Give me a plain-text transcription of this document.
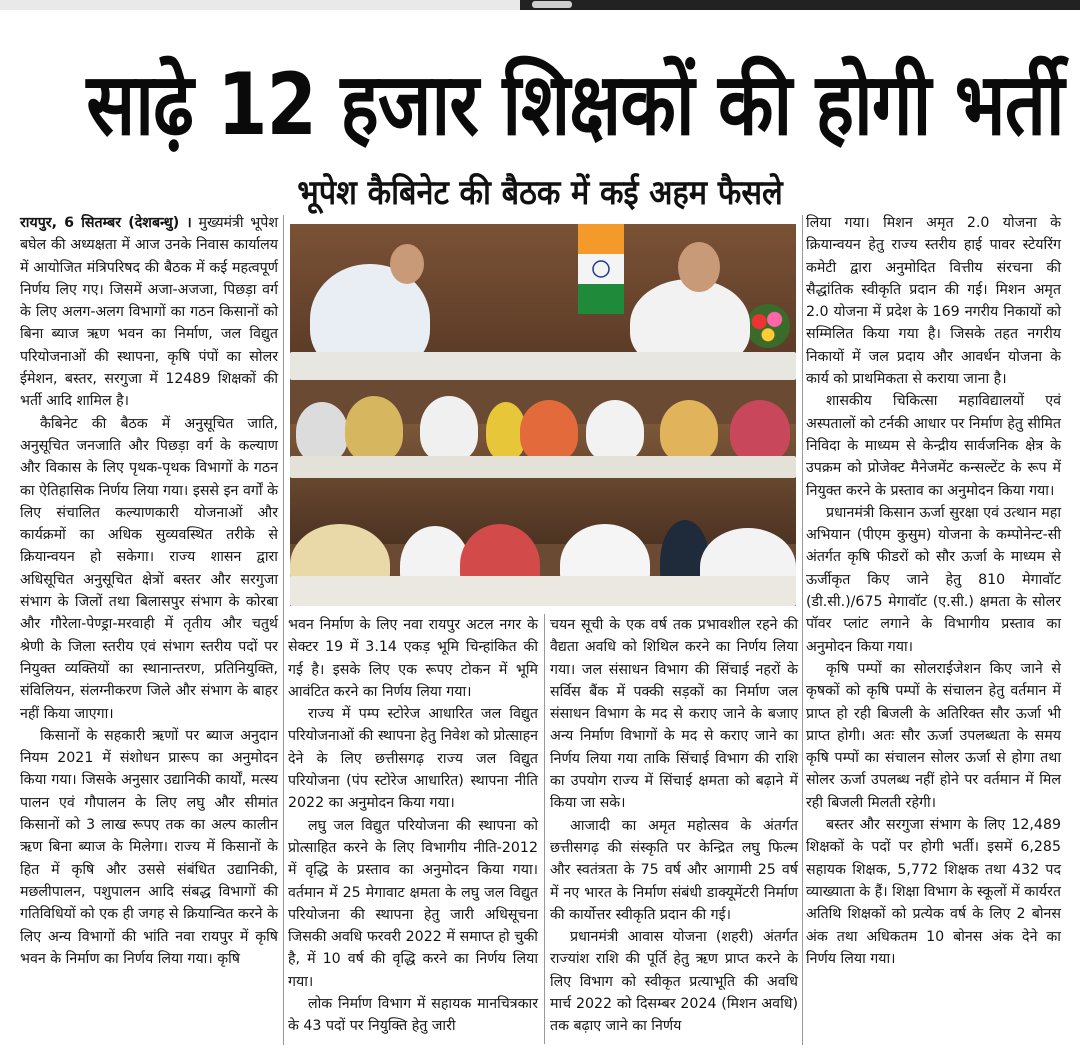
साढ़े 12 हजार शिक्षकों की होगी भर्ती
भूपेश कैबिनेट की बैठक में कई अहम फैसले

रायपुर, 6 सितम्बर (देशबन्धु) । मुख्यमंत्री भूपेश बघेल की अध्यक्षता में आज उनके निवास कार्यालय में आयोजित मंत्रिपरिषद की बैठक में कई महत्वपूर्ण निर्णय लिए गए। जिसमें अजा-अजजा, पिछड़ा वर्ग के लिए अलग-अलग विभागों का गठन किसानों को बिना ब्याज ऋण भवन का निर्माण, जल विद्युत परियोजनाओं की स्थापना, कृषि पंपों का सोलर ईमेशन, बस्तर, सरगुजा में 12489 शिक्षकों की भर्ती आदि शामिल है।

कैबिनेट की बैठक में अनुसूचित जाति, अनुसूचित जनजाति और पिछड़ा वर्ग के कल्याण और विकास के लिए पृथक-पृथक विभागों के गठन का ऐतिहासिक निर्णय लिया गया। इससे इन वर्गों के लिए संचालित कल्याणकारी योजनाओं और कार्यक्रमों का अधिक सुव्यवस्थित तरीके से क्रियान्वयन हो सकेगा। राज्य शासन द्वारा अधिसूचित अनुसूचित क्षेत्रों बस्तर और सरगुजा संभाग के जिलों तथा बिलासपुर संभाग के कोरबा और गौरेला-पेण्ड्रा-मरवाही में तृतीय और चतुर्थ श्रेणी के जिला स्तरीय एवं संभाग स्तरीय पदों पर नियुक्त व्यक्तियों का स्थानान्तरण, प्रतिनियुक्ति, संविलियन, संलग्नीकरण जिले और संभाग के बाहर नहीं किया जाएगा।

किसानों के सहकारी ऋणों पर ब्याज अनुदान नियम 2021 में संशोधन प्रारूप का अनुमोदन किया गया। जिसके अनुसार उद्यानिकी कार्यों, मत्स्य पालन एवं गौपालन के लिए लघु और सीमांत किसानों को 3 लाख रूपए तक का अल्प कालीन ऋण बिना ब्याज के मिलेगा। राज्य में किसानों के हित में कृषि और उससे संबंधित उद्यानिकी, मछलीपालन, पशुपालन आदि संबद्ध विभागों की गतिविधियों को एक ही जगह से क्रियान्वित करने के लिए अन्य विभागों की भांति नवा रायपुर में कृषि भवन के निर्माण का निर्णय लिया गया। कृषि

भवन निर्माण के लिए नवा रायपुर अटल नगर के सेक्टर 19 में 3.14 एकड़ भूमि चिन्हांकित की गई है। इसके लिए एक रूपए टोकन में भूमि आवंटित करने का निर्णय लिया गया।

राज्य में पम्प स्टोरेज आधारित जल विद्युत परियोजनाओं की स्थापना हेतु निवेश को प्रोत्साहन देने के लिए छत्तीसगढ़ राज्य जल विद्युत परियोजना (पंप स्टोरेज आधारित) स्थापना नीति 2022 का अनुमोदन किया गया।

लघु जल विद्युत परियोजना की स्थापना को प्रोत्साहित करने के लिए विभागीय नीति-2012 में वृद्धि के प्रस्ताव का अनुमोदन किया गया। वर्तमान में 25 मेगावाट क्षमता के लघु जल विद्युत परियोजना की स्थापना हेतु जारी अधिसूचना जिसकी अवधि फरवरी 2022 में समाप्त हो चुकी है, में 10 वर्ष की वृद्धि करने का निर्णय लिया गया।

लोक निर्माण विभाग में सहायक मानचित्रकार के 43 पदों पर नियुक्ति हेतु जारी

चयन सूची के एक वर्ष तक प्रभावशील रहने की वैद्यता अवधि को शिथिल करने का निर्णय लिया गया। जल संसाधन विभाग की सिंचाई नहरों के सर्विस बैंक में पक्की सड़कों का निर्माण जल संसाधन विभाग के मद से कराए जाने के बजाए अन्य निर्माण विभागों के मद से कराए जाने का निर्णय लिया गया ताकि सिंचाई विभाग की राशि का उपयोग राज्य में सिंचाई क्षमता को बढ़ाने में किया जा सके।

आजादी का अमृत महोत्सव के अंतर्गत छत्तीसगढ़ की संस्कृति पर केन्द्रित लघु फिल्म और स्वतंत्रता के 75 वर्ष और आगामी 25 वर्ष में नए भारत के निर्माण संबंधी डाक्यूमेंटरी निर्माण की कार्योत्तर स्वीकृति प्रदान की गई।

प्रधानमंत्री आवास योजना (शहरी) अंतर्गत राज्यांश राशि की पूर्ति हेतु ऋण प्राप्त करने के लिए विभाग को स्वीकृत प्रत्याभूति की अवधि मार्च 2022 को दिसम्बर 2024 (मिशन अवधि) तक बढ़ाए जाने का निर्णय

लिया गया। मिशन अमृत 2.0 योजना के क्रियान्वयन हेतु राज्य स्तरीय हाई पावर स्टेयरिंग कमेटी द्वारा अनुमोदित वित्तीय संरचना की सैद्धांतिक स्वीकृति प्रदान की गई। मिशन अमृत 2.0 योजना में प्रदेश के 169 नगरीय निकायों को सम्मिलित किया गया है। जिसके तहत नगरीय निकायों में जल प्रदाय और आवर्धन योजना के कार्य को प्राथमिकता से कराया जाना है।

शासकीय चिकित्सा महाविद्यालयों एवं अस्पतालों को टर्नकी आधार पर निर्माण हेतु सीमित निविदा के माध्यम से केन्द्रीय सार्वजनिक क्षेत्र के उपक्रम को प्रोजेक्ट मैनेजमेंट कन्सल्टेंट के रूप में नियुक्त करने के प्रस्ताव का अनुमोदन किया गया।

प्रधानमंत्री किसान ऊर्जा सुरक्षा एवं उत्थान महा अभियान (पीएम कुसुम) योजना के कम्पोनेन्ट-सी अंतर्गत कृषि फीडरों को सौर ऊर्जा के माध्यम से ऊर्जीकृत किए जाने हेतु 810 मेगावॉट (डी.सी.)/675 मेगावॉट (ए.सी.) क्षमता के सोलर पॉवर प्लांट लगाने के विभागीय प्रस्ताव का अनुमोदन किया गया।

कृषि पम्पों का सोलराईजेशन किए जाने से कृषकों को कृषि पम्पों के संचालन हेतु वर्तमान में प्राप्त हो रही बिजली के अतिरिक्त सौर ऊर्जा भी प्राप्त होगी। अतः सौर ऊर्जा उपलब्धता के समय कृषि पम्पों का संचालन सोलर ऊर्जा से होगा तथा सोलर ऊर्जा उपलब्ध नहीं होने पर वर्तमान में मिल रही बिजली मिलती रहेगी।

बस्तर और सरगुजा संभाग के लिए 12,489 शिक्षकों के पदों पर होगी भर्ती। इसमें 6,285 सहायक शिक्षक, 5,772 शिक्षक तथा 432 पद व्याख्याता के हैं। शिक्षा विभाग के स्कूलों में कार्यरत अतिथि शिक्षकों को प्रत्येक वर्ष के लिए 2 बोनस अंक तथा अधिकतम 10 बोनस अंक देने का निर्णय लिया गया।
